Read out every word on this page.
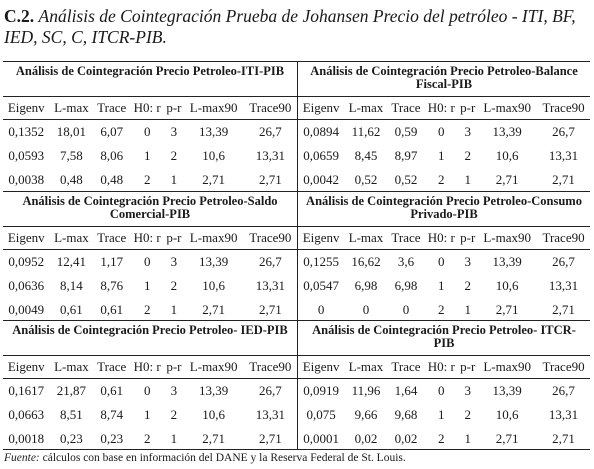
C.2. Análisis de Cointegración Prueba de Johansen Precio del petróleo - ITI, BF, IED, SC, C, ITCR-PIB.
Análisis de Cointegración Precio Petroleo-ITI-PIB
Eigenv	L-max	Trace	H0: r	p-r	L-max90	Trace90
0,1352	18,01	6,07	0	3	13,39	26,7
0,0593	7,58	8,06	1	2	10,6	13,31
0,0038	0,48	0,48	2	1	2,71	2,71
Análisis de Cointegración Precio Petroleo-Balance Fiscal-PIB
Eigenv	L-max	Trace	H0: r	p-r	L-max90	Trace90
0,0894	11,62	0,59	0	3	13,39	26,7
0,0659	8,45	8,97	1	2	10,6	13,31
0,0042	0,52	0,52	2	1	2,71	2,71
Análisis de Cointegración Precio Petroleo-Saldo Comercial-PIB
Eigenv	L-max	Trace	H0: r	p-r	L-max90	Trace90
0,0952	12,41	1,17	0	3	13,39	26,7
0,0636	8,14	8,76	1	2	10,6	13,31
0,0049	0,61	0,61	2	1	2,71	2,71
Análisis de Cointegración Precio Petroleo-Consumo Privado-PIB
Eigenv	L-max	Trace	H0: r	p-r	L-max90	Trace90
0,1255	16,62	3,6	0	3	13,39	26,7
0,0547	6,98	6,98	1	2	10,6	13,31
0	0	0	2	1	2,71	2,71
Análisis de Cointegración Precio Petroleo- IED-PIB
Eigenv	L-max	Trace	H0: r	p-r	L-max90	Trace90
0,1617	21,87	0,61	0	3	13,39	26,7
0,0663	8,51	8,74	1	2	10,6	13,31
0,0018	0,23	0,23	2	1	2,71	2,71
Análisis de Cointegración Precio Petroleo- ITCR-PIB
Eigenv	L-max	Trace	H0: r	p-r	L-max90	Trace90
0,0919	11,96	1,64	0	3	13,39	26,7
0,075	9,66	9,68	1	2	10,6	13,31
0,0001	0,02	0,02	2	1	2,71	2,71
Fuente: cálculos con base en información del DANE y la Reserva Federal de St. Louis.
